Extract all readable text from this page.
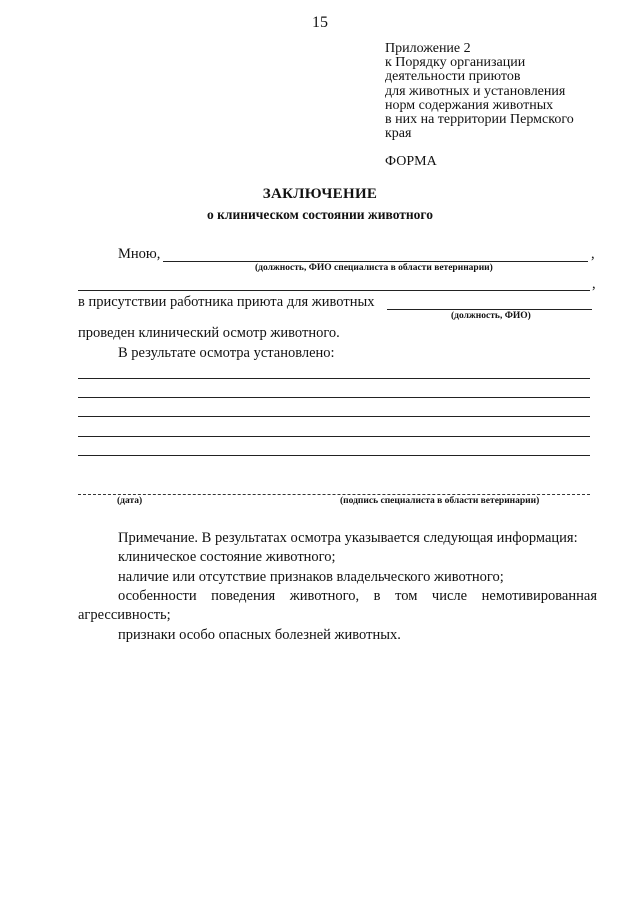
15
Приложение 2
к Порядку организации
деятельности приютов
для животных и установления
норм содержания животных
в них на территории Пермского
края
ФОРМА
ЗАКЛЮЧЕНИЕ
о клиническом состоянии животного
Мною,	,
(должность, ФИО специалиста в области ветеринарии)
,
в присутствии работника приюта для животных
(должность, ФИО)
проведен клинический осмотр животного.
В результате осмотра установлено:
(дата)	(подпись специалиста в области ветеринарии)
Примечание. В результатах осмотра указывается следующая информация:
клиническое состояние животного;
наличие или отсутствие признаков владельческого животного;
особенности поведения животного, в том числе немотивированная
агрессивность;
признаки особо опасных болезней животных.
